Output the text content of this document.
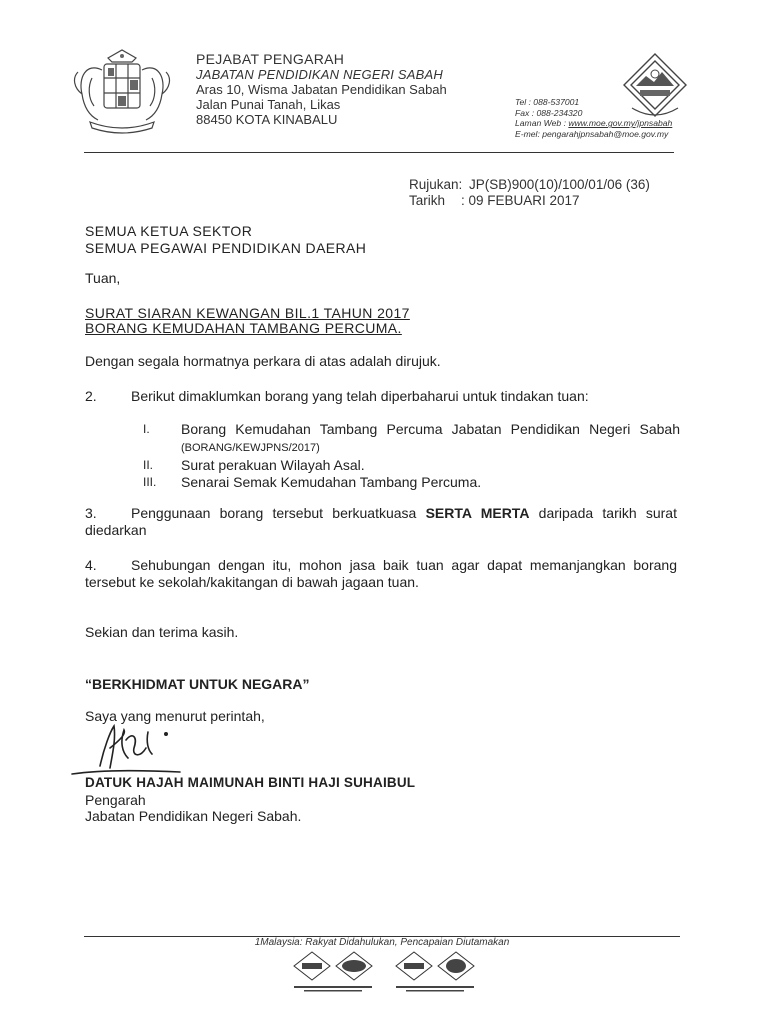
PEJABAT PENGARAH
JABATAN PENDIDIKAN NEGERI SABAH
Aras 10, Wisma Jabatan Pendidikan Sabah
Jalan Punai Tanah, Likas
88450 KOTA KINABALU
Tel : 088-537001
Fax : 088-234320
Laman Web : www.moe.gov.my/jpnsabah
E-mel: pengarahjpnsabah@moe.gov.my
Rujukan: JP(SB)900(10)/100/01/06 (36)
Tarikh : 09 FEBUARI 2017
SEMUA KETUA SEKTOR
SEMUA PEGAWAI PENDIDIKAN DAERAH
Tuan,
SURAT SIARAN KEWANGAN BIL.1 TAHUN 2017
BORANG KEMUDAHAN TAMBANG PERCUMA.
Dengan segala hormatnya perkara di atas adalah dirujuk.
2. Berikut dimaklumkan borang yang telah diperbaharui untuk tindakan tuan:
I.	Borang Kemudahan Tambang Percuma Jabatan Pendidikan Negeri Sabah (BORANG/KEWJPNS/2017)
II.	Surat perakuan Wilayah Asal.
III.	Senarai Semak Kemudahan Tambang Percuma.
3. Penggunaan borang tersebut berkuatkuasa SERTA MERTA daripada tarikh surat diedarkan
4. Sehubungan dengan itu, mohon jasa baik tuan agar dapat memanjangkan borang tersebut ke sekolah/kakitangan di bawah jagaan tuan.
Sekian dan terima kasih.
“BERKHIDMAT UNTUK NEGARA”
Saya yang menurut perintah,
DATUK HAJAH MAIMUNAH BINTI HAJI SUHAIBUL
Pengarah
Jabatan Pendidikan Negeri Sabah.
1Malaysia: Rakyat Didahulukan, Pencapaian Diutamakan
